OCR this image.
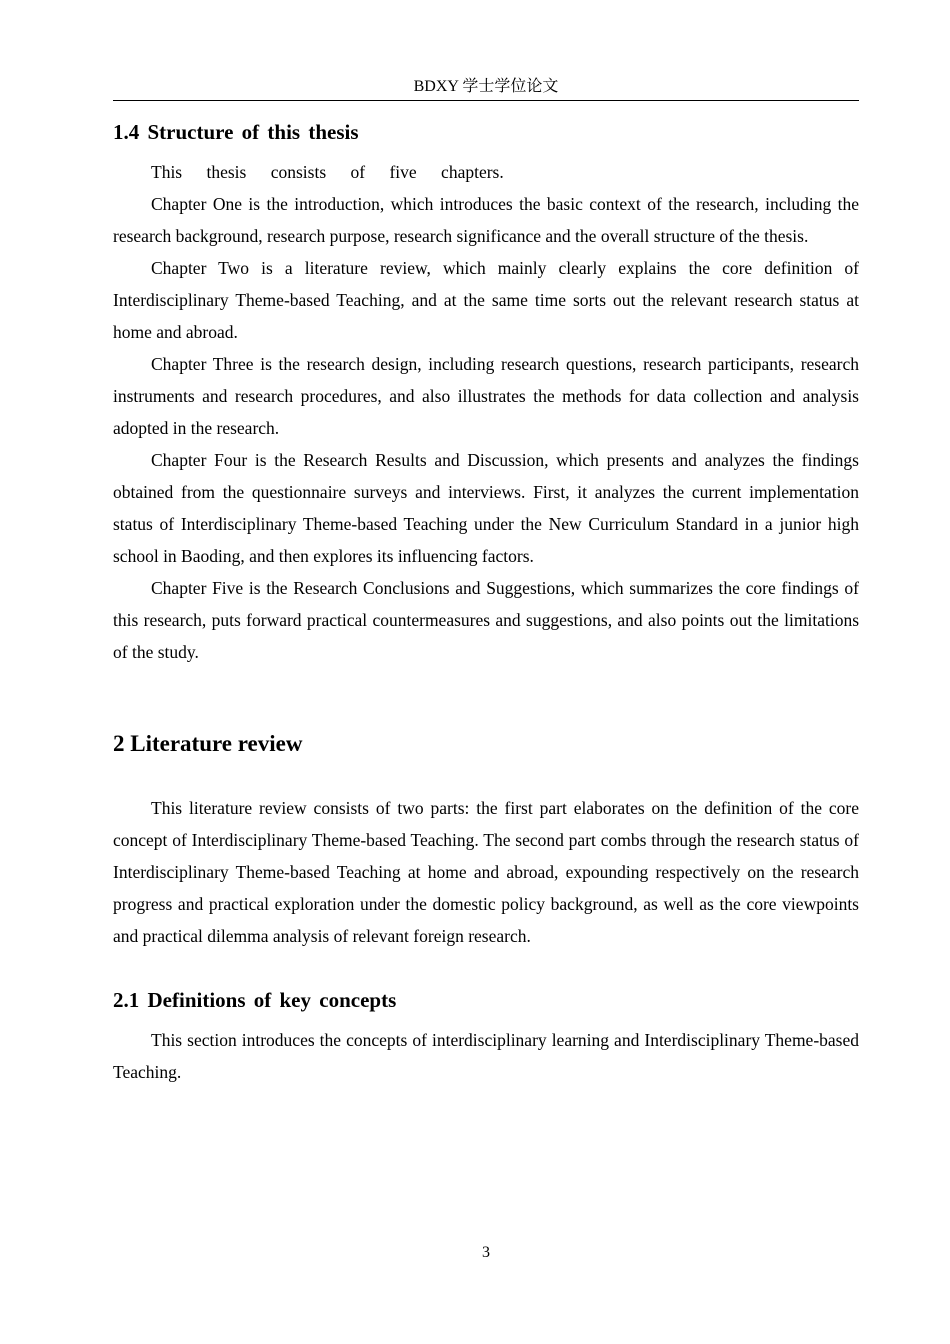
BDXY 学士学位论文
1.4 Structure of this thesis

This thesis consists of five chapters.

Chapter One is the introduction, which introduces the basic context of the research, including the research background, research purpose, research significance and the overall structure of the thesis.

Chapter Two is a literature review, which mainly clearly explains the core definition of Interdisciplinary Theme-based Teaching, and at the same time sorts out the relevant research status at home and abroad.

Chapter Three is the research design, including research questions, research participants, research instruments and research procedures, and also illustrates the methods for data collection and analysis adopted in the research.

Chapter Four is the Research Results and Discussion, which presents and analyzes the findings obtained from the questionnaire surveys and interviews. First, it analyzes the current implementation status of Interdisciplinary Theme-based Teaching under the New Curriculum Standard in a junior high school in Baoding, and then explores its influencing factors.

Chapter Five is the Research Conclusions and Suggestions, which summarizes the core findings of this research, puts forward practical countermeasures and suggestions, and also points out the limitations of the study.

2 Literature review

This literature review consists of two parts: the first part elaborates on the definition of the core concept of Interdisciplinary Theme-based Teaching. The second part combs through the research status of Interdisciplinary Theme-based Teaching at home and abroad, expounding respectively on the research progress and practical exploration under the domestic policy background, as well as the core viewpoints and practical dilemma analysis of relevant foreign research.

2.1 Definitions of key concepts

This section introduces the concepts of interdisciplinary learning and Interdisciplinary Theme-based Teaching.

3
